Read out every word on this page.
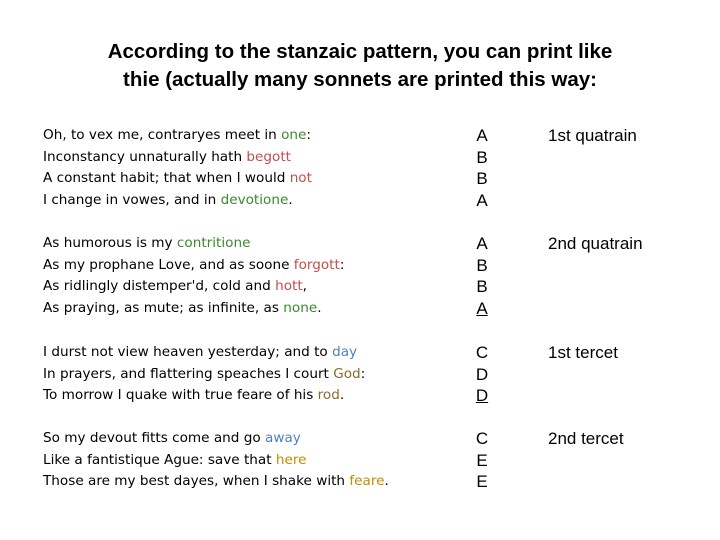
According to the stanzaic pattern, you can print like
thie (actually many sonnets are printed this way:
Oh, to vex me, contraryes meet in one:
Inconstancy unnaturally hath begott
A constant habit; that when I would not
I change in vowes, and in devotione.
A
B
B
A
1st quatrain
As humorous is my contritione
As my prophane Love, and as soone forgott:
As ridlingly distemper'd, cold and hott,
As praying, as mute; as infinite, as none.
A
B
B
A
2nd quatrain
I durst not view heaven yesterday; and to day
In prayers, and flattering speaches I court God:
To morrow I quake with true feare of his rod.
C
D
D
1st tercet
So my devout fitts come and go away
Like a fantistique Ague: save that here
Those are my best dayes, when I shake with feare.
C
E
E
2nd tercet
